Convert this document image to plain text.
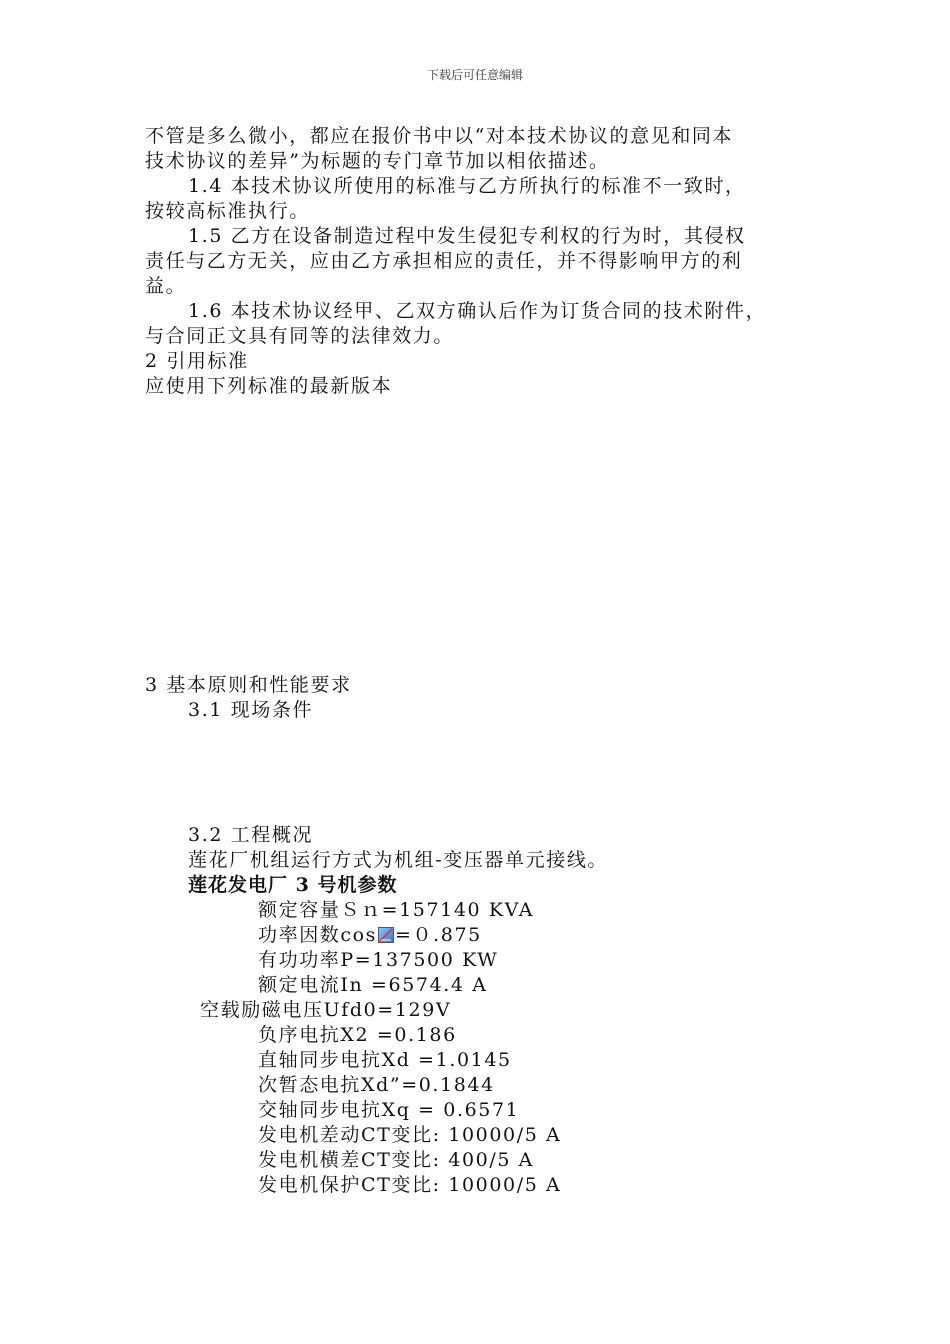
下载后可任意编辑
不管是多么微小，都应在报价书中以“对本技术协议的意见和同本
技术协议的差异”为标题的专门章节加以相依描述。
1.4 本技术协议所使用的标准与乙方所执行的标准不一致时，
按较高标准执行。
1.5 乙方在设备制造过程中发生侵犯专利权的行为时，其侵权
责任与乙方无关，应由乙方承担相应的责任，并不得影响甲方的利
益。
1.6 本技术协议经甲、乙双方确认后作为订货合同的技术附件，
与合同正文具有同等的法律效力。
2 引用标准
应使用下列标准的最新版本
3 基本原则和性能要求
3.1 现场条件
3.2 工程概况
莲花厂机组运行方式为机组-变压器单元接线。
莲花发电厂 3 号机参数
额定容量Ｓｎ=157140 KVA
功率因数cos =０.875
有功功率P=137500 KW
额定电流In =6574.4 A
空载励磁电压Ufd0=129V
负序电抗X2 =0.186
直轴同步电抗Xd =1.0145
次暂态电抗Xd”=0.1844
交轴同步电抗Xq = 0.6571
发电机差动CT变比: 10000/5 A
发电机横差CT变比: 400/5 A
发电机保护CT变比: 10000/5 A
